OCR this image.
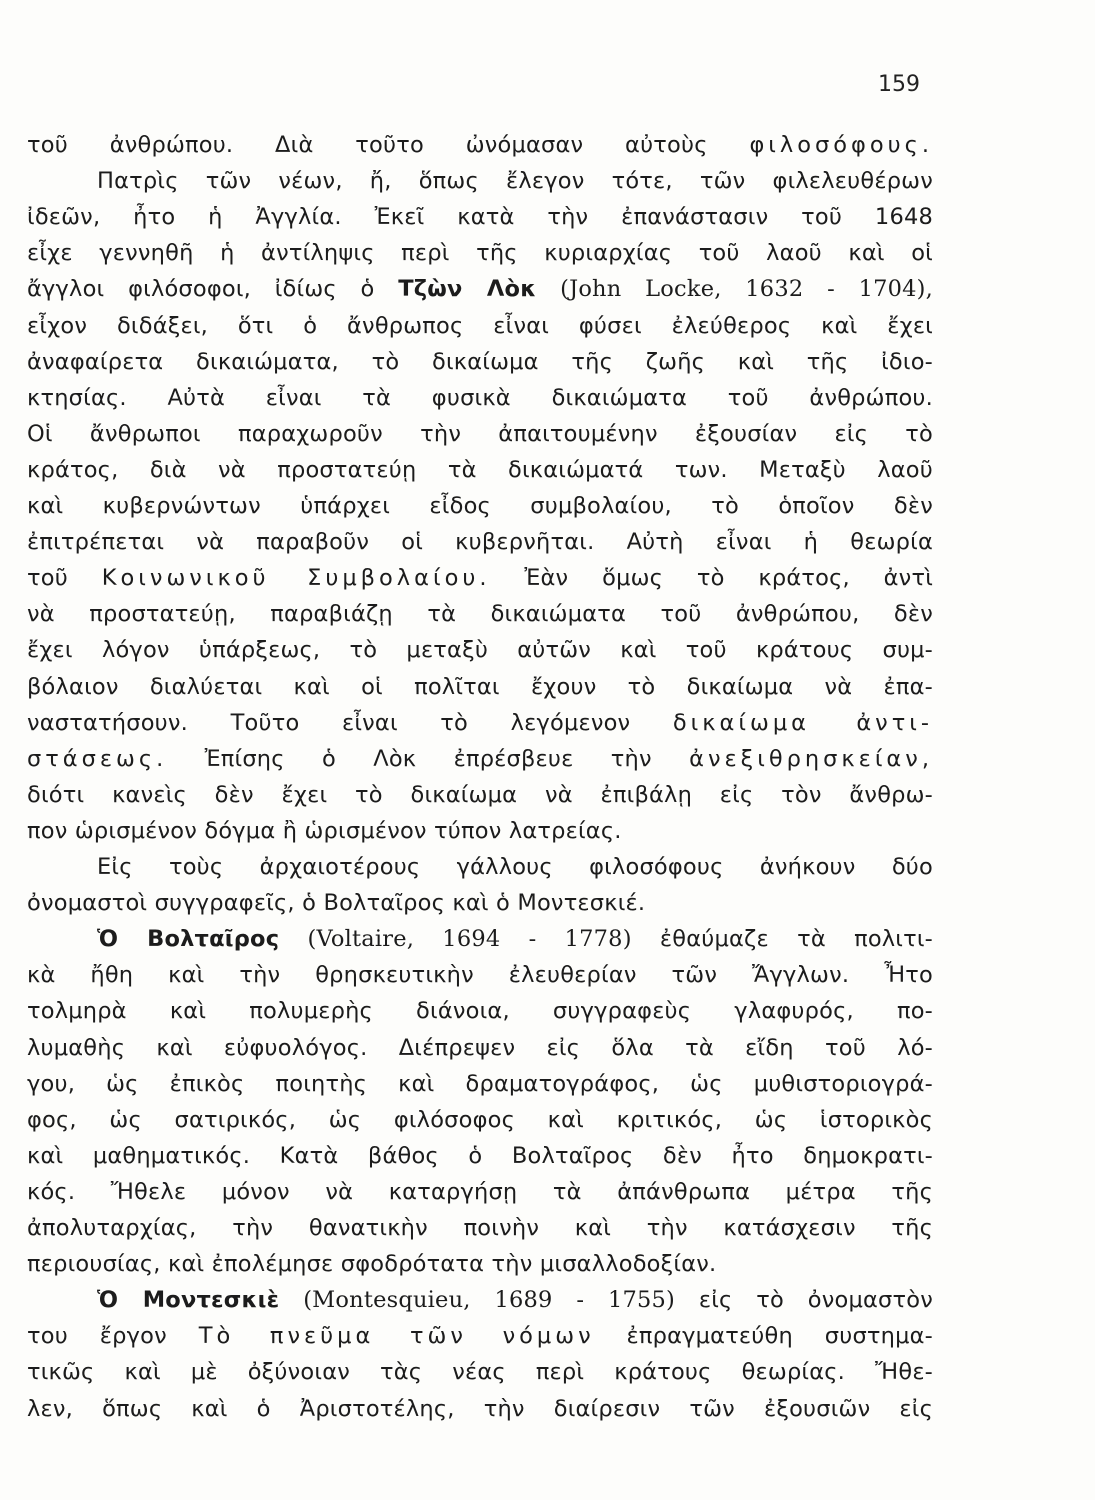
159
τοῦ ἀνθρώπου. Διὰ τοῦτο ὠνόμασαν αὐτοὺς φιλοσόφους.
Πατρὶς τῶν νέων, ἤ, ὅπως ἔλεγον τότε, τῶν φιλελευθέρων
ἰδεῶν, ἦτο ἡ Ἀγγλία. Ἐκεῖ κατὰ τὴν ἐπανάστασιν τοῦ 1648
εἶχε γεννηθῆ ἡ ἀντίληψις περὶ τῆς κυριαρχίας τοῦ λαοῦ καὶ οἱ
ἄγγλοι φιλόσοφοι, ἰδίως ὁ Τζὼν Λὸκ (John Locke, 1632 - 1704),
εἶχον διδάξει, ὅτι ὁ ἄνθρωπος εἶναι φύσει ἐλεύθερος καὶ ἔχει
ἀναφαίρετα δικαιώματα, τὸ δικαίωμα τῆς ζωῆς καὶ τῆς ἰδιο-
κτησίας. Αὐτὰ εἶναι τὰ φυσικὰ δικαιώματα τοῦ ἀνθρώπου.
Οἱ ἄνθρωποι παραχωροῦν τὴν ἀπαιτουμένην ἐξουσίαν εἰς τὸ
κράτος, διὰ νὰ προστατεύῃ τὰ δικαιώματά των. Μεταξὺ λαοῦ
καὶ κυβερνώντων ὑπάρχει εἶδος συμβολαίου, τὸ ὁποῖον δὲν
ἐπιτρέπεται νὰ παραβοῦν οἱ κυβερνῆται. Αὐτὴ εἶναι ἡ θεωρία
τοῦ Κοινωνικοῦ Συμβολαίου. Ἐὰν ὅμως τὸ κράτος, ἀντὶ
νὰ προστατεύῃ, παραβιάζῃ τὰ δικαιώματα τοῦ ἀνθρώπου, δὲν
ἔχει λόγον ὑπάρξεως, τὸ μεταξὺ αὐτῶν καὶ τοῦ κράτους συμ-
βόλαιον διαλύεται καὶ οἱ πολῖται ἔχουν τὸ δικαίωμα νὰ ἐπα-
ναστατήσουν. Τοῦτο εἶναι τὸ λεγόμενον δικαίωμα ἀντι-
στάσεως. Ἐπίσης ὁ Λὸκ ἐπρέσβευε τὴν ἀνεξιθρησκείαν,
διότι κανεὶς δὲν ἔχει τὸ δικαίωμα νὰ ἐπιβάλῃ εἰς τὸν ἄνθρω-
πον ὡρισμένον δόγμα ἢ ὡρισμένον τύπον λατρείας.
Εἰς τοὺς ἀρχαιοτέρους γάλλους φιλοσόφους ἀνήκουν δύο
ὀνομαστοὶ συγγραφεῖς, ὁ Βολταῖρος καὶ ὁ Μοντεσκιέ.
Ὁ Βολταῖρος (Voltaire, 1694 - 1778) ἐθαύμαζε τὰ πολιτι-
κὰ ἤθη καὶ τὴν θρησκευτικὴν ἐλευθερίαν τῶν Ἄγγλων. Ἦτο
τολμηρὰ καὶ πολυμερὴς διάνοια, συγγραφεὺς γλαφυρός, πο-
λυμαθὴς καὶ εὐφυολόγος. Διέπρεψεν εἰς ὅλα τὰ εἴδη τοῦ λό-
γου, ὡς ἐπικὸς ποιητὴς καὶ δραματογράφος, ὡς μυθιστοριογρά-
φος, ὡς σατιρικός, ὡς φιλόσοφος καὶ κριτικός, ὡς ἱστορικὸς
καὶ μαθηματικός. Κατὰ βάθος ὁ Βολταῖρος δὲν ἦτο δημοκρατι-
κός. Ἤθελε μόνον νὰ καταργήσῃ τὰ ἀπάνθρωπα μέτρα τῆς
ἀπολυταρχίας, τὴν θανατικὴν ποινὴν καὶ τὴν κατάσχεσιν τῆς
περιουσίας, καὶ ἐπολέμησε σφοδρότατα τὴν μισαλλοδοξίαν.
Ὁ Μοντεσκιὲ (Montesquieu, 1689 - 1755) εἰς τὸ ὀνομαστὸν
του ἔργον Τὸ πνεῦμα τῶν νόμων ἐπραγματεύθη συστημα-
τικῶς καὶ μὲ ὀξύνοιαν τὰς νέας περὶ κράτους θεωρίας. Ἤθε-
λεν, ὅπως καὶ ὁ Ἀριστοτέλης, τὴν διαίρεσιν τῶν ἐξουσιῶν εἰς
